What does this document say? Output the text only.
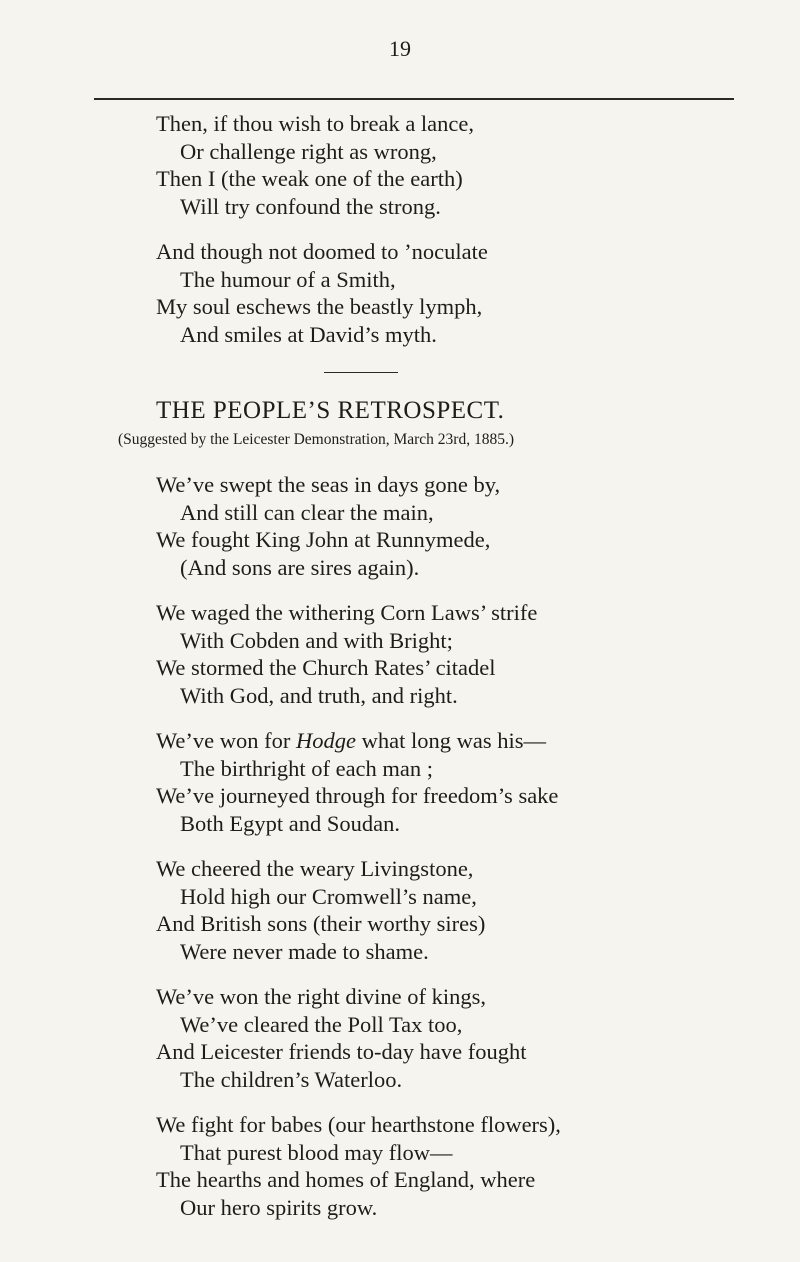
19
Then, if thou wish to break a lance,
Or challenge right as wrong,
Then I (the weak one of the earth)
Will try confound the strong.
And though not doomed to ’noculate
The humour of a Smith,
My soul eschews the beastly lymph,
And smiles at David’s myth.
THE PEOPLE’S RETROSPECT.
(Suggested by the Leicester Demonstration, March 23rd, 1885.)
We’ve swept the seas in days gone by,
And still can clear the main,
We fought King John at Runnymede,
(And sons are sires again).
We waged the withering Corn Laws’ strife
With Cobden and with Bright;
We stormed the Church Rates’ citadel
With God, and truth, and right.
We’ve won for Hodge what long was his—
The birthright of each man ;
We’ve journeyed through for freedom’s sake
Both Egypt and Soudan.
We cheered the weary Livingstone,
Hold high our Cromwell’s name,
And British sons (their worthy sires)
Were never made to shame.
We’ve won the right divine of kings,
We’ve cleared the Poll Tax too,
And Leicester friends to-day have fought
The children’s Waterloo.
We fight for babes (our hearthstone flowers),
That purest blood may flow—
The hearths and homes of England, where
Our hero spirits grow.
